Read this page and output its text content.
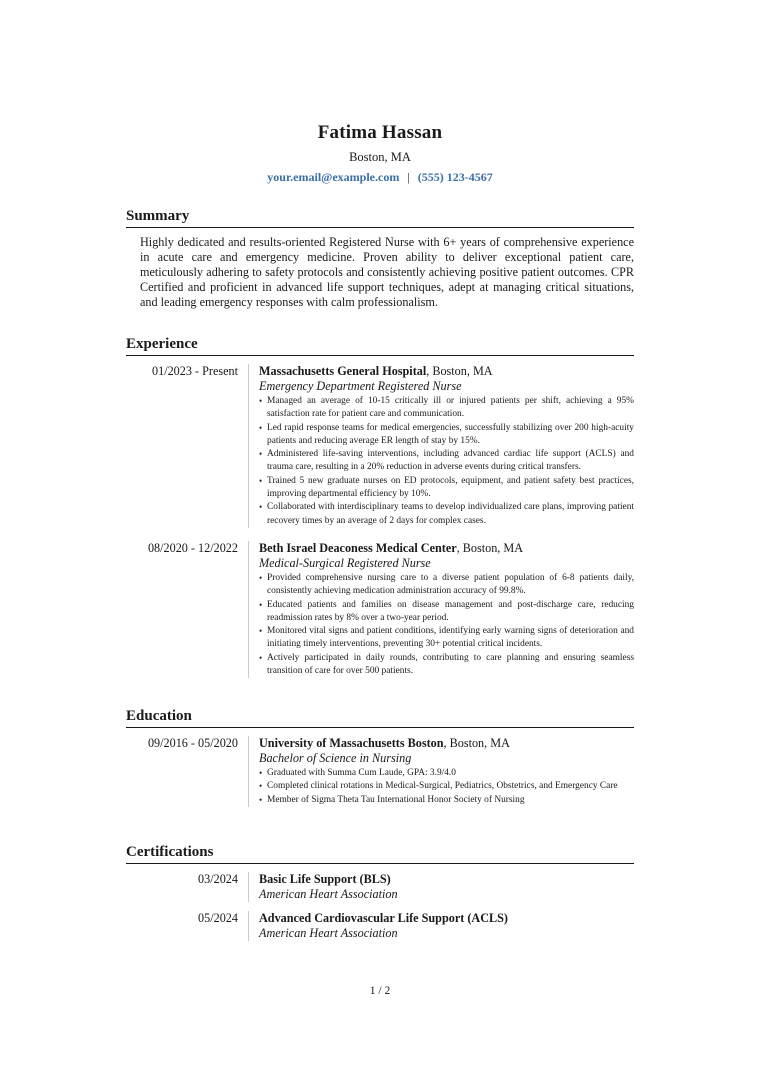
Fatima Hassan
Boston, MA
your.email@example.com | (555) 123-4567
Summary
Highly dedicated and results-oriented Registered Nurse with 6+ years of comprehensive experience in acute care and emergency medicine. Proven ability to deliver exceptional patient care, meticulously adhering to safety protocols and consistently achieving positive patient outcomes. CPR Certified and proficient in advanced life support techniques, adept at managing critical situations, and leading emergency responses with calm professionalism.
Experience
01/2023 - Present Massachusetts General Hospital, Boston, MA
Emergency Department Registered Nurse
• Managed an average of 10-15 critically ill or injured patients per shift, achieving a 95% satisfaction rate for patient care and communication.
• Led rapid response teams for medical emergencies, successfully stabilizing over 200 high-acuity patients and reducing average ER length of stay by 15%.
• Administered life-saving interventions, including advanced cardiac life support (ACLS) and trauma care, resulting in a 20% reduction in adverse events during critical transfers.
• Trained 5 new graduate nurses on ED protocols, equipment, and patient safety best practices, improving departmental efficiency by 10%.
• Collaborated with interdisciplinary teams to develop individualized care plans, improving patient recovery times by an average of 2 days for complex cases.
08/2020 - 12/2022 Beth Israel Deaconess Medical Center, Boston, MA
Medical-Surgical Registered Nurse
• Provided comprehensive nursing care to a diverse patient population of 6-8 patients daily, consistently achieving medication administration accuracy of 99.8%.
• Educated patients and families on disease management and post-discharge care, reducing readmission rates by 8% over a two-year period.
• Monitored vital signs and patient conditions, identifying early warning signs of deterioration and initiating timely interventions, preventing 30+ potential critical incidents.
• Actively participated in daily rounds, contributing to care planning and ensuring seamless transition of care for over 500 patients.
Education
09/2016 - 05/2020 University of Massachusetts Boston, Boston, MA
Bachelor of Science in Nursing
• Graduated with Summa Cum Laude, GPA: 3.9/4.0
• Completed clinical rotations in Medical-Surgical, Pediatrics, Obstetrics, and Emergency Care
• Member of Sigma Theta Tau International Honor Society of Nursing
Certifications
03/2024 Basic Life Support (BLS)
American Heart Association
05/2024 Advanced Cardiovascular Life Support (ACLS)
American Heart Association
1 / 2
